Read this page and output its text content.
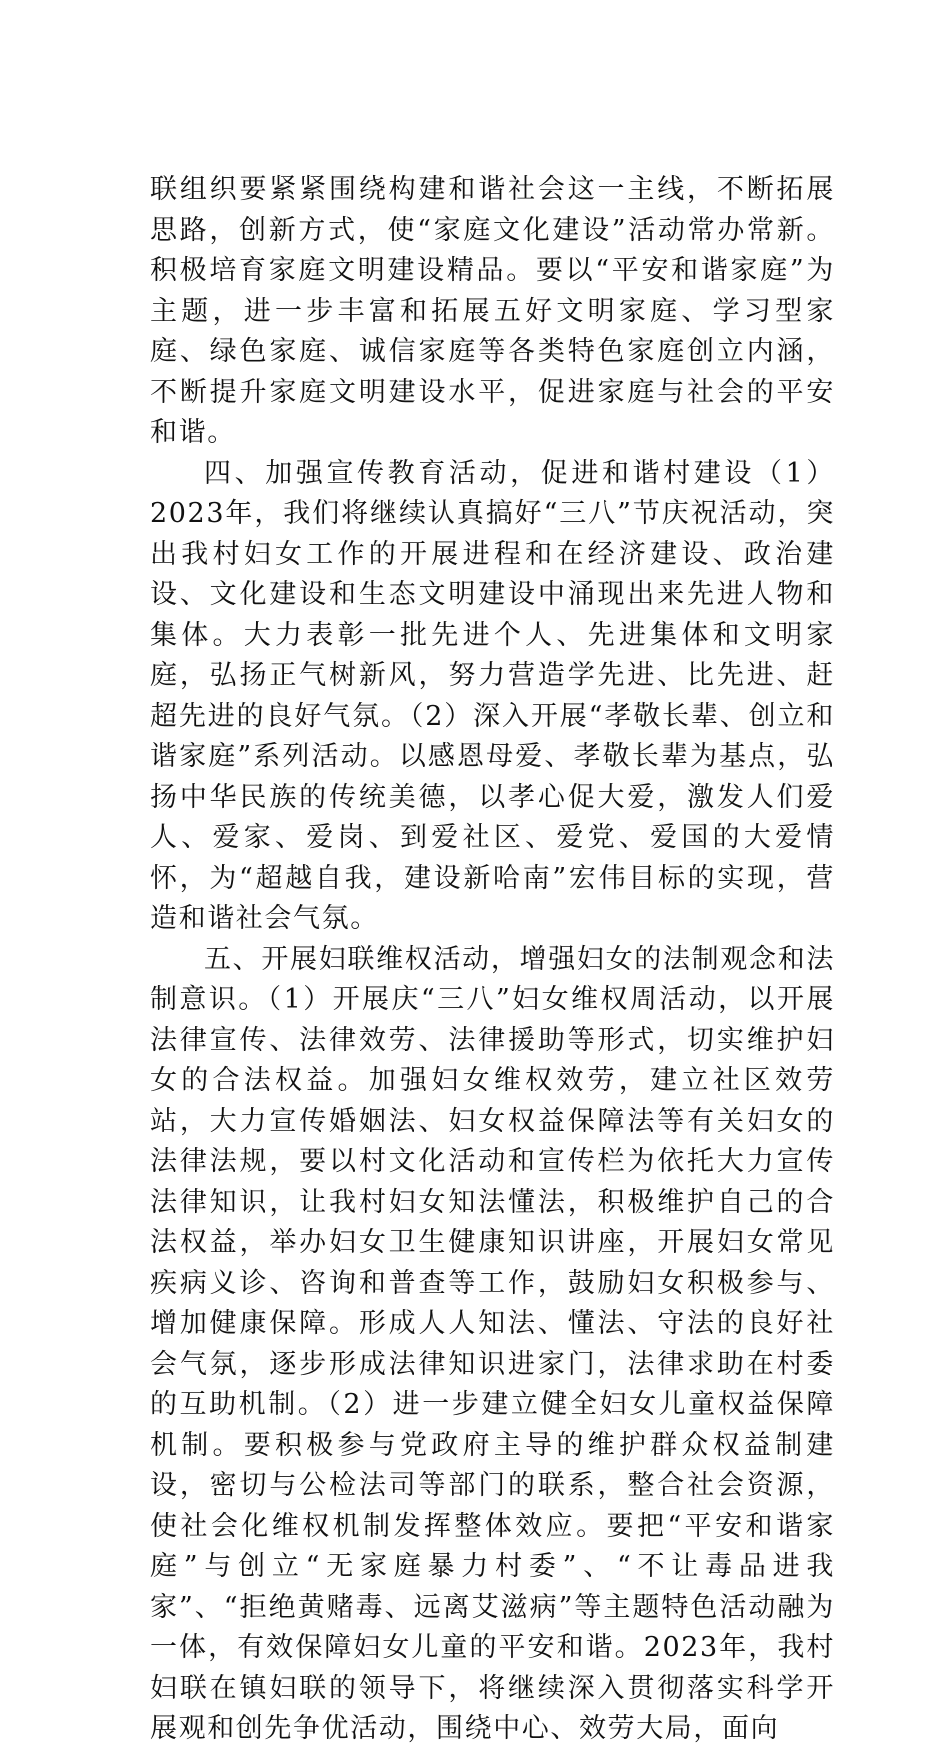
联组织要紧紧围绕构建和谐社会这一主线，不断拓展思路，创新方式，使“家庭文化建设”活动常办常新。积极培育家庭文明建设精品。要以“平安和谐家庭”为主题，进一步丰富和拓展五好文明家庭、学习型家庭、绿色家庭、诚信家庭等各类特色家庭创立内涵，不断提升家庭文明建设水平，促进家庭与社会的平安和谐。

四、加强宣传教育活动，促进和谐村建设（1）2023年，我们将继续认真搞好“三八”节庆祝活动，突出我村妇女工作的开展进程和在经济建设、政治建设、文化建设和生态文明建设中涌现出来先进人物和集体。大力表彰一批先进个人、先进集体和文明家庭，弘扬正气树新风，努力营造学先进、比先进、赶超先进的良好气氛。（2）深入开展“孝敬长辈、创立和谐家庭”系列活动。以感恩母爱、孝敬长辈为基点，弘扬中华民族的传统美德，以孝心促大爱，激发人们爱人、爱家、爱岗、到爱社区、爱党、爱国的大爱情怀，为“超越自我，建设新哈南”宏伟目标的实现，营造和谐社会气氛。

五、开展妇联维权活动，增强妇女的法制观念和法制意识。（1）开展庆“三八”妇女维权周活动，以开展法律宣传、法律效劳、法律援助等形式，切实维护妇女的合法权益。加强妇女维权效劳，建立社区效劳站，大力宣传婚姻法、妇女权益保障法等有关妇女的法律法规，要以村文化活动和宣传栏为依托大力宣传法律知识，让我村妇女知法懂法，积极维护自己的合法权益，举办妇女卫生健康知识讲座，开展妇女常见疾病义诊、咨询和普查等工作，鼓励妇女积极参与、增加健康保障。形成人人知法、懂法、守法的良好社会气氛，逐步形成法律知识进家门，法律求助在村委的互助机制。（2）进一步建立健全妇女儿童权益保障机制。要积极参与党政府主导的维护群众权益制建设，密切与公检法司等部门的联系，整合社会资源，使社会化维权机制发挥整体效应。要把“平安和谐家庭”与创立“无家庭暴力村委”、“不让毒品进我家”、“拒绝黄赌毒、远离艾滋病”等主题特色活动融为一体，有效保障妇女儿童的平安和谐。2023年，我村妇联在镇妇联的领导下，将继续深入贯彻落实科学开展观和创先争优活动，围绕中心、效劳大局，面向
